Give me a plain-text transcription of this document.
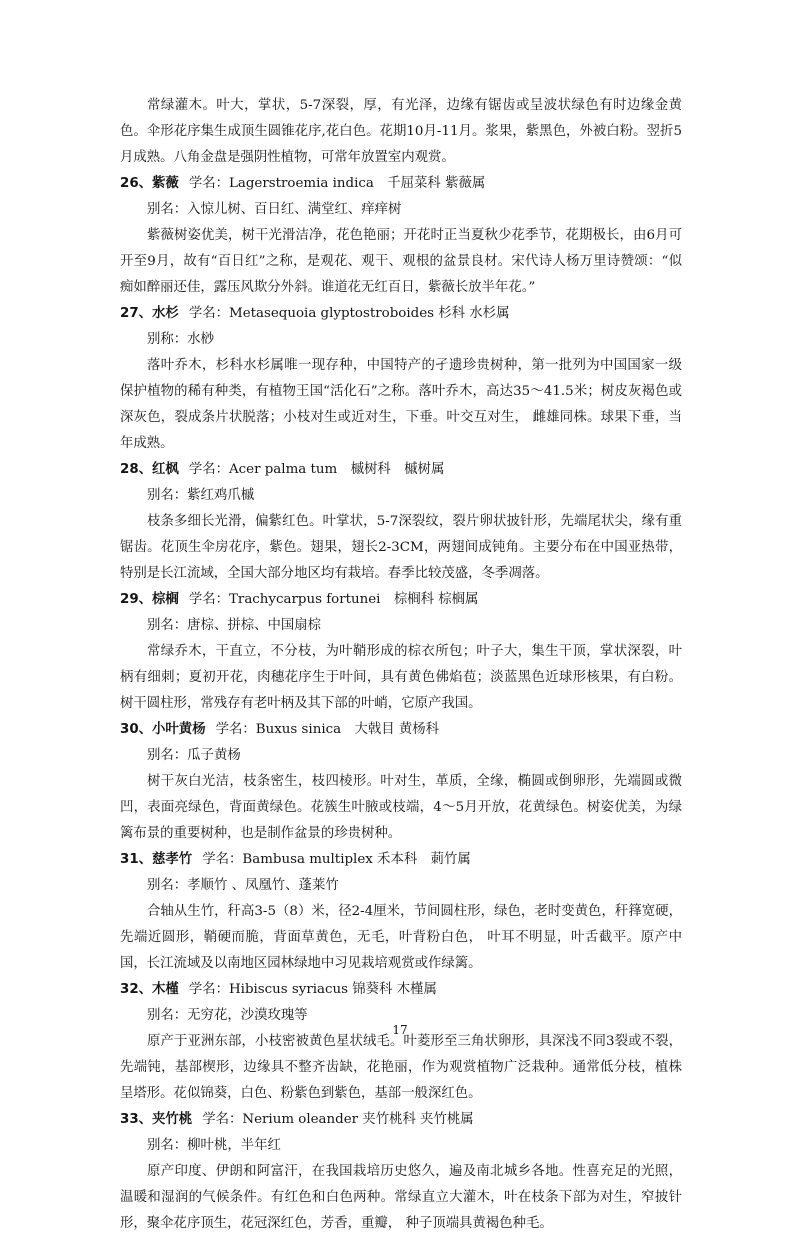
常绿灌木。叶大，掌状，5-7深裂，厚，有光泽，边缘有锯齿或呈波状绿色有时边缘金黄色。伞形花序集生成顶生圆锥花序,花白色。花期10月-11月。浆果，紫黑色，外被白粉。翌折5月成熟。八角金盘是强阴性植物，可常年放置室内观赏。

26、紫薇 学名：Lagerstroemia indica　千屈菜科 紫薇属

别名：入惊儿树、百日红、满堂红、痒痒树

紫薇树姿优美，树干光滑洁净，花色艳丽；开花时正当夏秋少花季节，花期极长，由6月可开至9月，故有“百日红”之称，是观花、观干、观根的盆景良材。宋代诗人杨万里诗赞颂：“似痴如醉丽还佳，露压风欺分外斜。谁道花无红百日，紫薇长放半年花。”

27、水杉 学名：Metasequoia glyptostroboides 杉科 水杉属

别称：水桫

落叶乔木，杉科水杉属唯一现存种，中国特产的孑遗珍贵树种，第一批列为中国国家一级保护植物的稀有种类，有植物王国“活化石”之称。落叶乔木，高达35～41.5米；树皮灰褐色或深灰色，裂成条片状脱落；小枝对生或近对生，下垂。叶交互对生， 雌雄同株。球果下垂，当年成熟。

28、红枫 学名：Acer palma tum　槭树科　槭树属

别名：紫红鸡爪槭

枝条多细长光滑，偏紫红色。叶掌状，5-7深裂纹，裂片卵状披针形，先端尾状尖，缘有重锯齿。花顶生伞房花序，紫色。翅果，翅长2-3CM，两翅间成钝角。主要分布在中国亚热带，特别是长江流域，全国大部分地区均有栽培。春季比较茂盛，冬季凋落。

29、棕榈 学名：Trachycarpus fortunei　棕榈科 棕榈属

别名：唐棕、拼棕、中国扇棕

常绿乔木，干直立，不分枝，为叶鞘形成的棕衣所包；叶子大，集生干顶，掌状深裂，叶柄有细刺；夏初开花，肉穗花序生于叶间，具有黄色佛焰苞；淡蓝黑色近球形核果，有白粉。树干圆柱形，常残存有老叶柄及其下部的叶峭，它原产我国。

30、小叶黄杨 学名：Buxus sinica　大戟目 黄杨科

别名：瓜子黄杨

树干灰白光洁，枝条密生，枝四棱形。叶对生，革质，全缘，椭圆或倒卵形，先端圆或微凹，表面亮绿色，背面黄绿色。花簇生叶腋或枝端，4～5月开放，花黄绿色。树姿优美，为绿篱布景的重要树种，也是制作盆景的珍贵树种。

31、慈孝竹 学名：Bambusa multiplex 禾本科　莿竹属

别名：孝顺竹 、凤凰竹、蓬莱竹

合轴从生竹，秆高3-5（8）米，径2-4厘米，节间圆柱形，绿色，老时变黄色，秆箨宽硬，先端近圆形，鞘硬而脆，背面草黄色，无毛，叶背粉白色， 叶耳不明显，叶舌截平。原产中国，长江流域及以南地区园林绿地中习见栽培观赏或作绿篱。

32、木槿 学名：Hibiscus syriacus 锦葵科 木槿属

别名：无穷花，沙漠玫瑰等

原产于亚洲东部，小枝密被黄色星状绒毛。叶菱形至三角状卵形，具深浅不同3裂或不裂，先端钝，基部楔形，边缘具不整齐齿缺，花艳丽，作为观赏植物广泛栽种。通常低分枝，植株呈塔形。花似锦葵，白色、粉紫色到紫色，基部一般深红色。

33、夹竹桃 学名：Nerium oleander 夹竹桃科 夹竹桃属

别名：柳叶桃，半年红

原产印度、伊朗和阿富汗，在我国栽培历史悠久，遍及南北城乡各地。性喜充足的光照，温暖和湿润的气候条件。有红色和白色两种。常绿直立大灌木，叶在枝条下部为对生，窄披针形，聚伞花序顶生，花冠深红色，芳香，重瓣， 种子顶端具黄褐色种毛。

17
